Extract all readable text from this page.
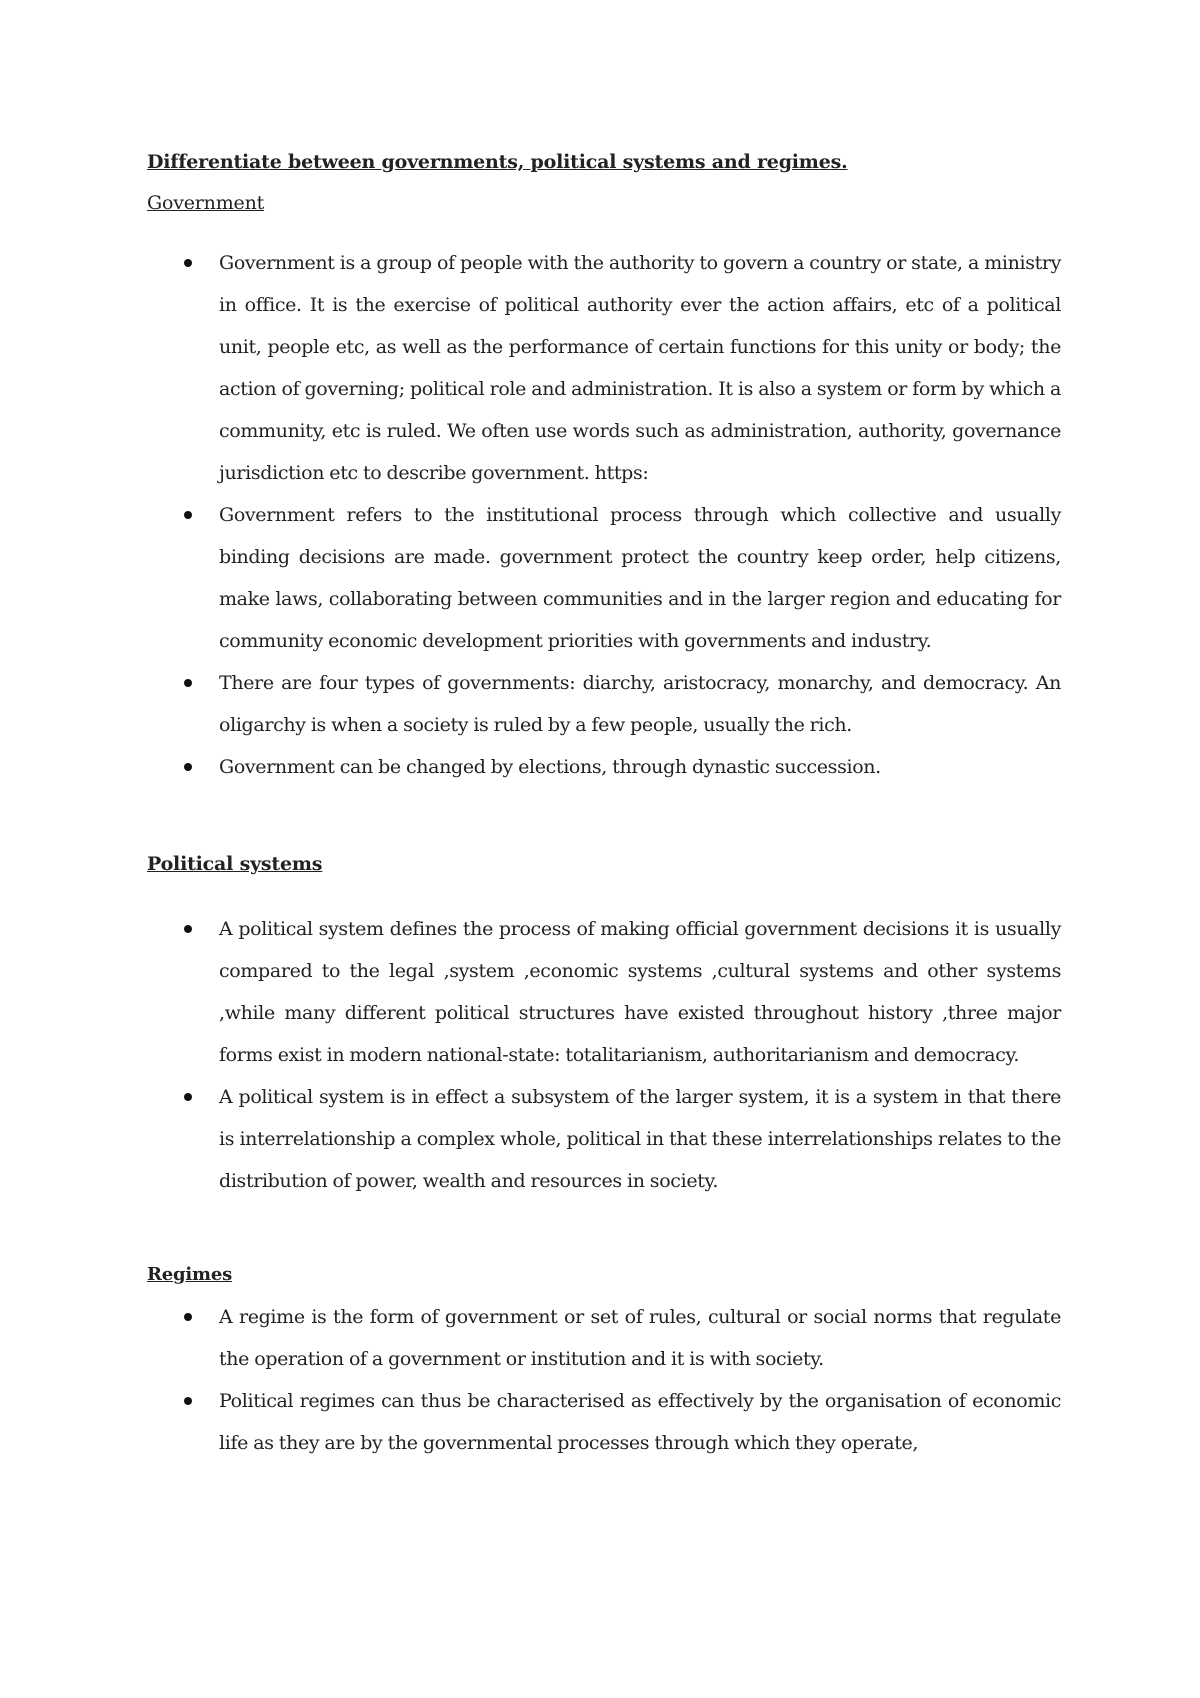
Differentiate between governments, political systems and regimes.
Government
Government is a group of people with the authority to govern a country or state, a ministry in office. It is the exercise of political authority ever the action affairs, etc of a political unit, people etc, as well as the performance of certain functions for this unity or body; the action of governing; political role and administration. It is also a system or form by which a community, etc is ruled. We often use words such as administration, authority, governance jurisdiction etc to describe government. https:
Government refers to the institutional process through which collective and usually binding decisions are made. government protect the country keep order, help citizens, make laws, collaborating between communities and in the larger region and educating for community economic development priorities with governments and industry.
There are four types of governments: diarchy, aristocracy, monarchy, and democracy. An oligarchy is when a society is ruled by a few people, usually the rich.
Government can be changed by elections, through dynastic succession.
Political systems
A political system defines the process of making official government decisions it is usually compared to the legal ,system ,economic systems ,cultural systems and other systems ,while many different political structures have existed throughout history ,three major forms exist in modern national-state: totalitarianism, authoritarianism and democracy.
A political system is in effect a subsystem of the larger system, it is a system in that there is interrelationship a complex whole, political in that these interrelationships relates to the distribution of power, wealth and resources in society.
Regimes
A regime is the form of government or set of rules, cultural or social norms that regulate the operation of a government or institution and it is with society.
Political regimes can thus be characterised as effectively by the organisation of economic life as they are by the governmental processes through which they operate,
